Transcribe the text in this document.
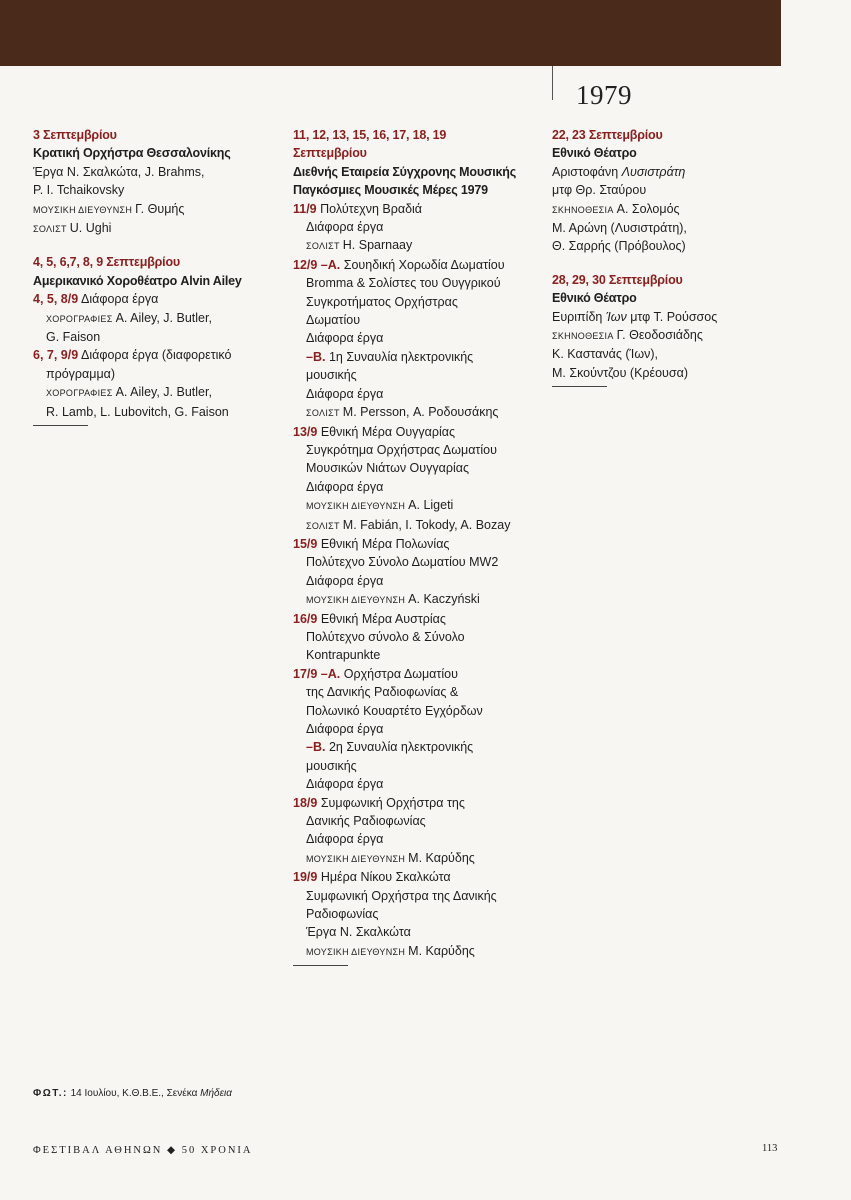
1979
3 Σεπτεμβρίου
Κρατική Ορχήστρα Θεσσαλονίκης
Έργα Ν. Σκαλκώτα, J. Brahms,
P. I. Tchaikovsky
ΜΟΥΣΙΚΗ ΔΙΕΥΘΥΝΣΗ Γ. Θυμής
ΣΟΛΙΣΤ U. Ughi
4, 5, 6,7, 8, 9 Σεπτεμβρίου
Αμερικανικό Χοροθέατρο Alvin Ailey
4, 5, 8/9 Διάφορα έργα
ΧΟΡΟΓΡΑΦΙΕΣ A. Ailey, J. Butler,
G. Faison
6, 7, 9/9 Διάφορα έργα (διαφορετικό
πρόγραμμα)
ΧΟΡΟΓΡΑΦΙΕΣ A. Ailey, J. Butler,
R. Lamb, L. Lubovitch, G. Faison
11, 12, 13, 15, 16, 17, 18, 19
Σεπτεμβρίου
Διεθνής Εταιρεία Σύγχρονης Μουσικής
Παγκόσμιες Μουσικές Μέρες 1979
11/9 Πολύτεχνη Βραδιά
Διάφορα έργα
ΣΟΛΙΣΤ H. Sparnaay
12/9 –Α. Σουηδική Χορωδία Δωματίου
Bromma & Σολίστες του Ουγγρικού
Συγκροτήματος Ορχήστρας
Δωματίου
Διάφορα έργα
–Β. 1η Συναυλία ηλεκτρονικής
μουσικής
Διάφορα έργα
ΣΟΛΙΣΤ M. Persson, Α. Ροδουσάκης
13/9 Εθνική Μέρα Ουγγαρίας
Συγκρότημα Ορχήστρας Δωματίου
Μουσικών Νιάτων Ουγγαρίας
Διάφορα έργα
ΜΟΥΣΙΚΗ ΔΙΕΥΘΥΝΣΗ A. Ligeti
ΣΟΛΙΣΤ M. Fabián, I. Tokody, A. Bozay
15/9 Εθνική Μέρα Πολωνίας
Πολύτεχνο Σύνολο Δωματίου MW2
Διάφορα έργα
ΜΟΥΣΙΚΗ ΔΙΕΥΘΥΝΣΗ A. Kaczyński
16/9 Εθνική Μέρα Αυστρίας
Πολύτεχνο σύνολο & Σύνολο
Kontrapunkte
17/9 –Α. Ορχήστρα Δωματίου
της Δανικής Ραδιοφωνίας &
Πολωνικό Κουαρτέτο Εγχόρδων
Διάφορα έργα
–Β. 2η Συναυλία ηλεκτρονικής
μουσικής
Διάφορα έργα
18/9 Συμφωνική Ορχήστρα της
Δανικής Ραδιοφωνίας
Διάφορα έργα
ΜΟΥΣΙΚΗ ΔΙΕΥΘΥΝΣΗ Μ. Καρύδης
19/9 Ημέρα Νίκου Σκαλκώτα
Συμφωνική Ορχήστρα της Δανικής
Ραδιοφωνίας
Έργα Ν. Σκαλκώτα
ΜΟΥΣΙΚΗ ΔΙΕΥΘΥΝΣΗ Μ. Καρύδης
22, 23 Σεπτεμβρίου
Εθνικό Θέατρο
Αριστοφάνη Λυσιστράτη
μτφ Θρ. Σταύρου
ΣΚΗΝΟΘΕΣΙΑ Α. Σολομός
Μ. Αρώνη (Λυσιστράτη),
Θ. Σαρρής (Πρόβουλος)
28, 29, 30 Σεπτεμβρίου
Εθνικό Θέατρο
Ευριπίδη Ίων μτφ Τ. Ρούσσος
ΣΚΗΝΟΘΕΣΙΑ Γ. Θεοδοσιάδης
Κ. Καστανάς (Ίων),
Μ. Σκούντζου (Κρέουσα)
ΦΩΤ.: 14 Ιουλίου, Κ.Θ.Β.Ε., Σενέκα Μήδεια
ΦΕΣΤΙΒΑΛ ΑΘΗΝΩΝ ◆ 50 ΧΡΟΝΙΑ	113
